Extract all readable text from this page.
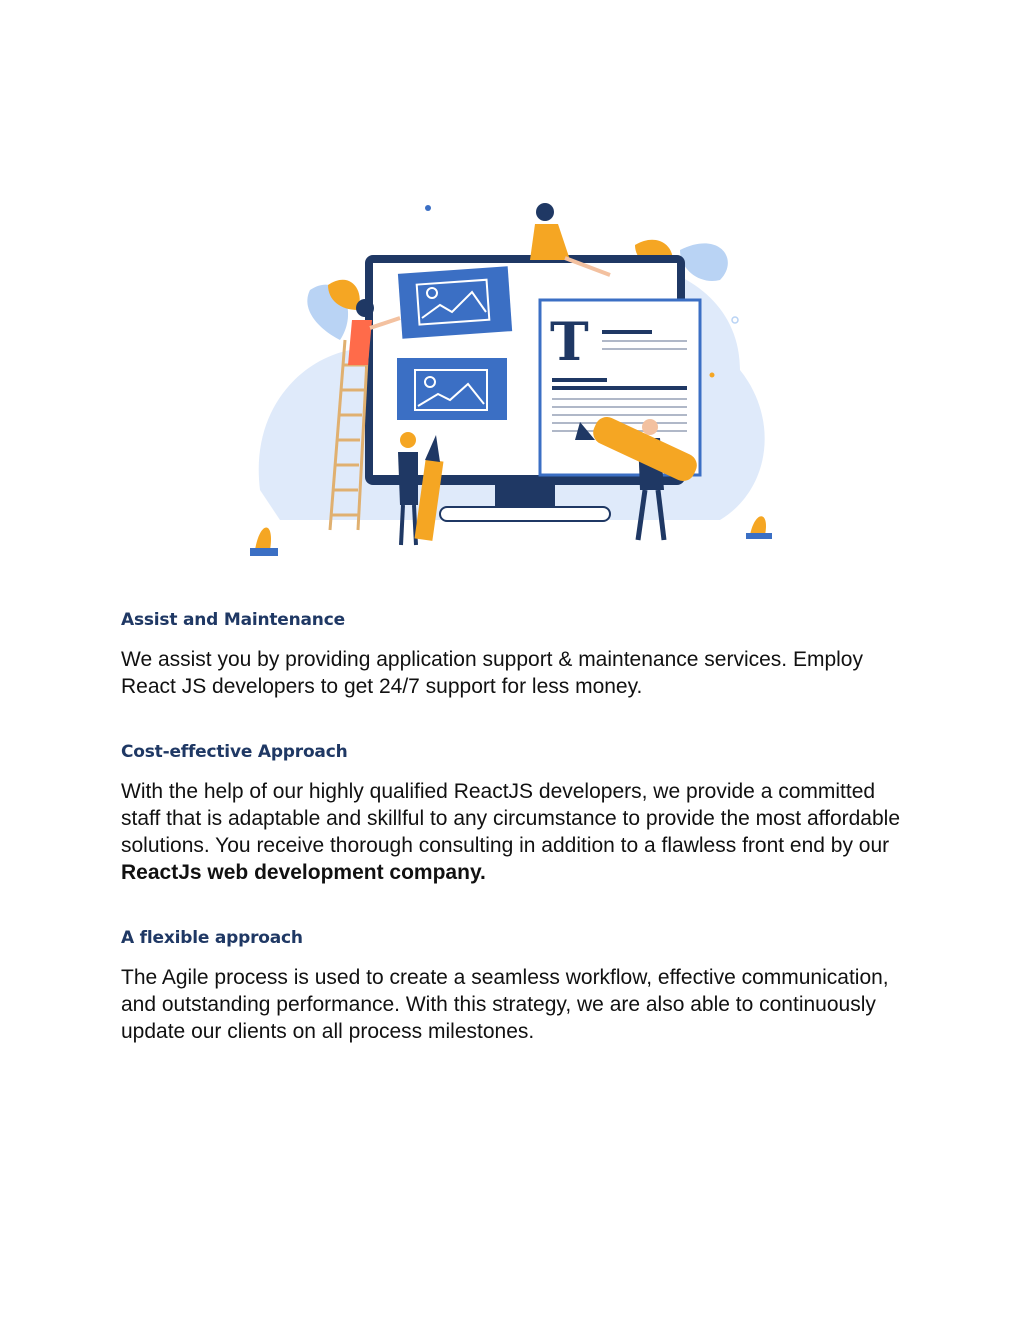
T
Assist and Maintenance

We assist you by providing application support & maintenance services. Employ React JS developers to get 24/7 support for less money.

Cost-effective Approach

With the help of our highly qualified ReactJS developers, we provide a committed staff that is adaptable and skillful to any circumstance to provide the most affordable solutions. You receive thorough consulting in addition to a flawless front end by our ReactJs web development company.

A flexible approach

The Agile process is used to create a seamless workflow, effective communication, and outstanding performance. With this strategy, we are also able to continuously update our clients on all process milestones.
